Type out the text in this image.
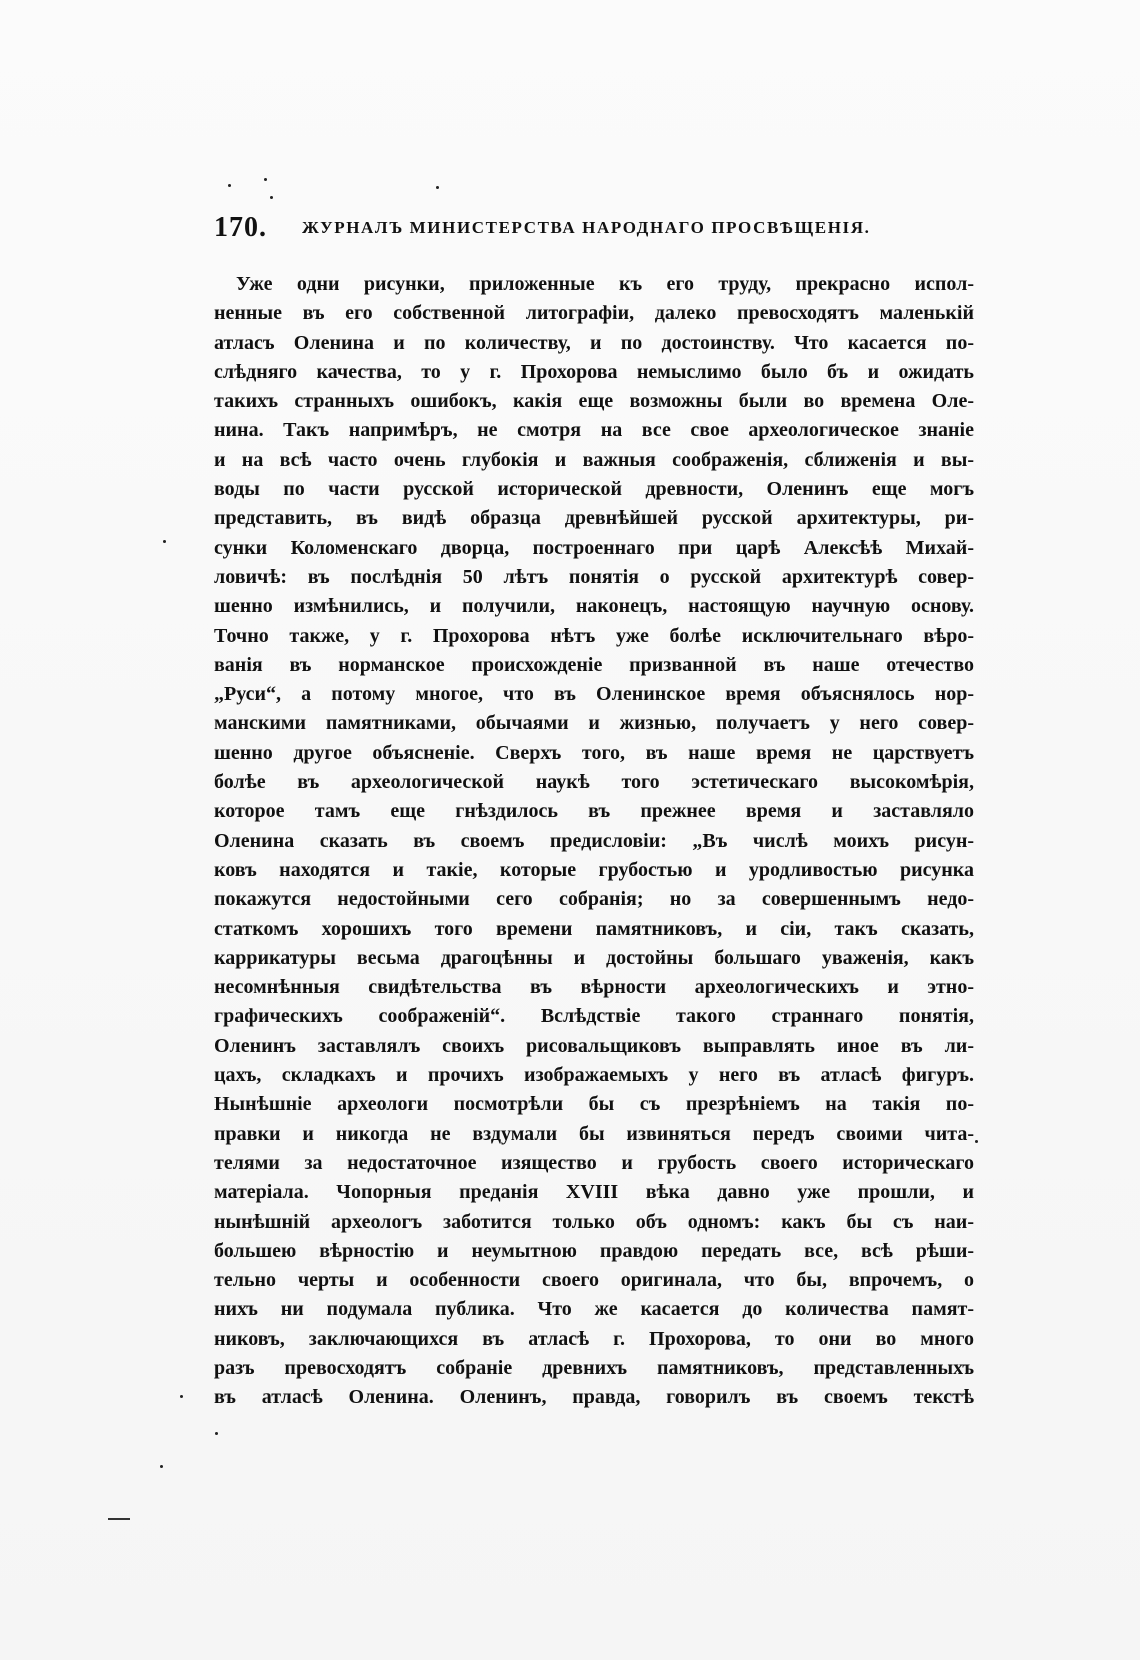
170. ЖУРНАЛЪ МИНИСТЕРСТВА НАРОДНАГО ПРОСВѢЩЕНІЯ.
Уже одни рисунки, приложенные къ его труду, прекрасно испол-
ненные въ его собственной литографіи, далеко превосходятъ маленькій
атласъ Оленина и по количеству, и по достоинству. Что касается по-
слѣдняго качества, то у г. Прохорова немыслимо было бъ и ожидать
такихъ странныхъ ошибокъ, какія еще возможны были во времена Оле-
нина. Такъ напримѣръ, не смотря на все свое археологическое знаніе
и на всѣ часто очень глубокія и важныя соображенія, сближенія и вы-
воды по части русской исторической древности, Оленинъ еще могъ
представить, въ видѣ образца древнѣйшей русской архитектуры, ри-
сунки Коломенскаго дворца, построеннаго при царѣ Алексѣѣ Михай-
ловичѣ: въ послѣднія 50 лѣтъ понятія о русской архитектурѣ совер-
шенно измѣнились, и получили, наконецъ, настоящую научную основу.
Точно также, у г. Прохорова нѣтъ уже болѣе исключительнаго вѣро-
ванія въ норманское происхожденіе призванной въ наше отечество
„Руси“, а потому многое, что въ Оленинское время объяснялось нор-
манскими памятниками, обычаями и жизнью, получаетъ у него совер-
шенно другое объясненіе. Сверхъ того, въ наше время не царствуетъ
болѣе въ археологической наукѣ того эстетическаго высокомѣрія,
которое тамъ еще гнѣздилось въ прежнее время и заставляло
Оленина сказать въ своемъ предисловіи: „Въ числѣ моихъ рисун-
ковъ находятся и такіе, которые грубостью и уродливостью рисунка
покажутся недостойными сего собранія; но за совершеннымъ недо-
статкомъ хорошихъ того времени памятниковъ, и сіи, такъ сказать,
каррикатуры весьма драгоцѣнны и достойны большаго уваженія, какъ
несомнѣнныя свидѣтельства въ вѣрности археологическихъ и этно-
графическихъ соображеній“. Вслѣдствіе такого страннаго понятія,
Оленинъ заставлялъ своихъ рисовальщиковъ выправлять иное въ ли-
цахъ, складкахъ и прочихъ изображаемыхъ у него въ атласѣ фигуръ.
Нынѣшніе археологи посмотрѣли бы съ презрѣніемъ на такія по-
правки и никогда не вздумали бы извиняться передъ своими чита-
телями за недостаточное изящество и грубость своего историческаго
матеріала. Чопорныя преданія XVIII вѣка давно уже прошли, и
нынѣшній археологъ заботится только объ одномъ: какъ бы съ наи-
большею вѣрностію и неумытною правдою передать все, всѣ рѣши-
тельно черты и особенности своего оригинала, что бы, впрочемъ, о
нихъ ни подумала публика. Что же касается до количества памят-
никовъ, заключающихся въ атласѣ г. Прохорова, то они во много
разъ превосходятъ собраніе древнихъ памятниковъ, представленныхъ
въ атласѣ Оленина. Оленинъ, правда, говорилъ въ своемъ текстѣ
